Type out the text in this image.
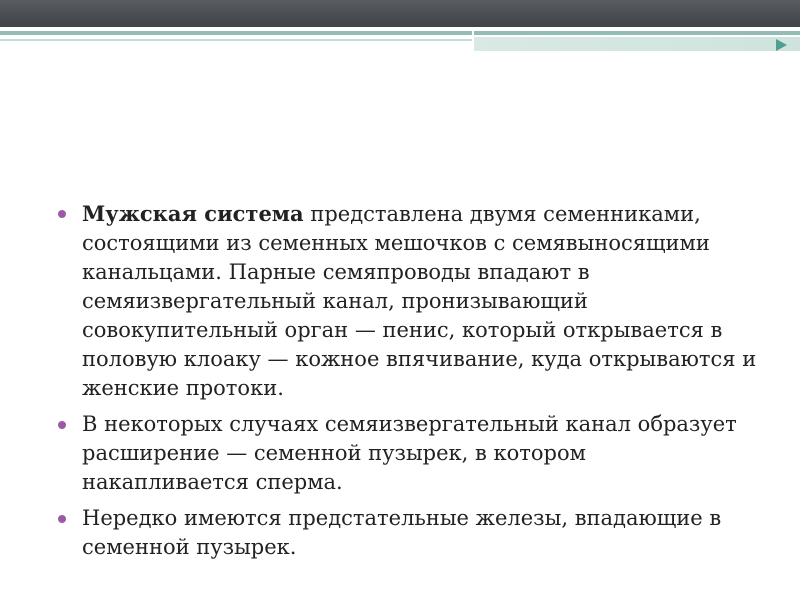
Мужская система представлена двумя семенниками, состоящими из семенных мешочков с семявыносящими канальцами. Парные семяпроводы впадают в семяизвергательный канал, пронизывающий совокупительный орган — пенис, который открывается в половую клоаку — кожное впячивание, куда открываются и женские протоки.
В некоторых случаях семяизвергательный канал образует расширение — семенной пузырек, в котором накапливается сперма.
Нередко имеются предстательные железы, впадающие в семенной пузырек.
